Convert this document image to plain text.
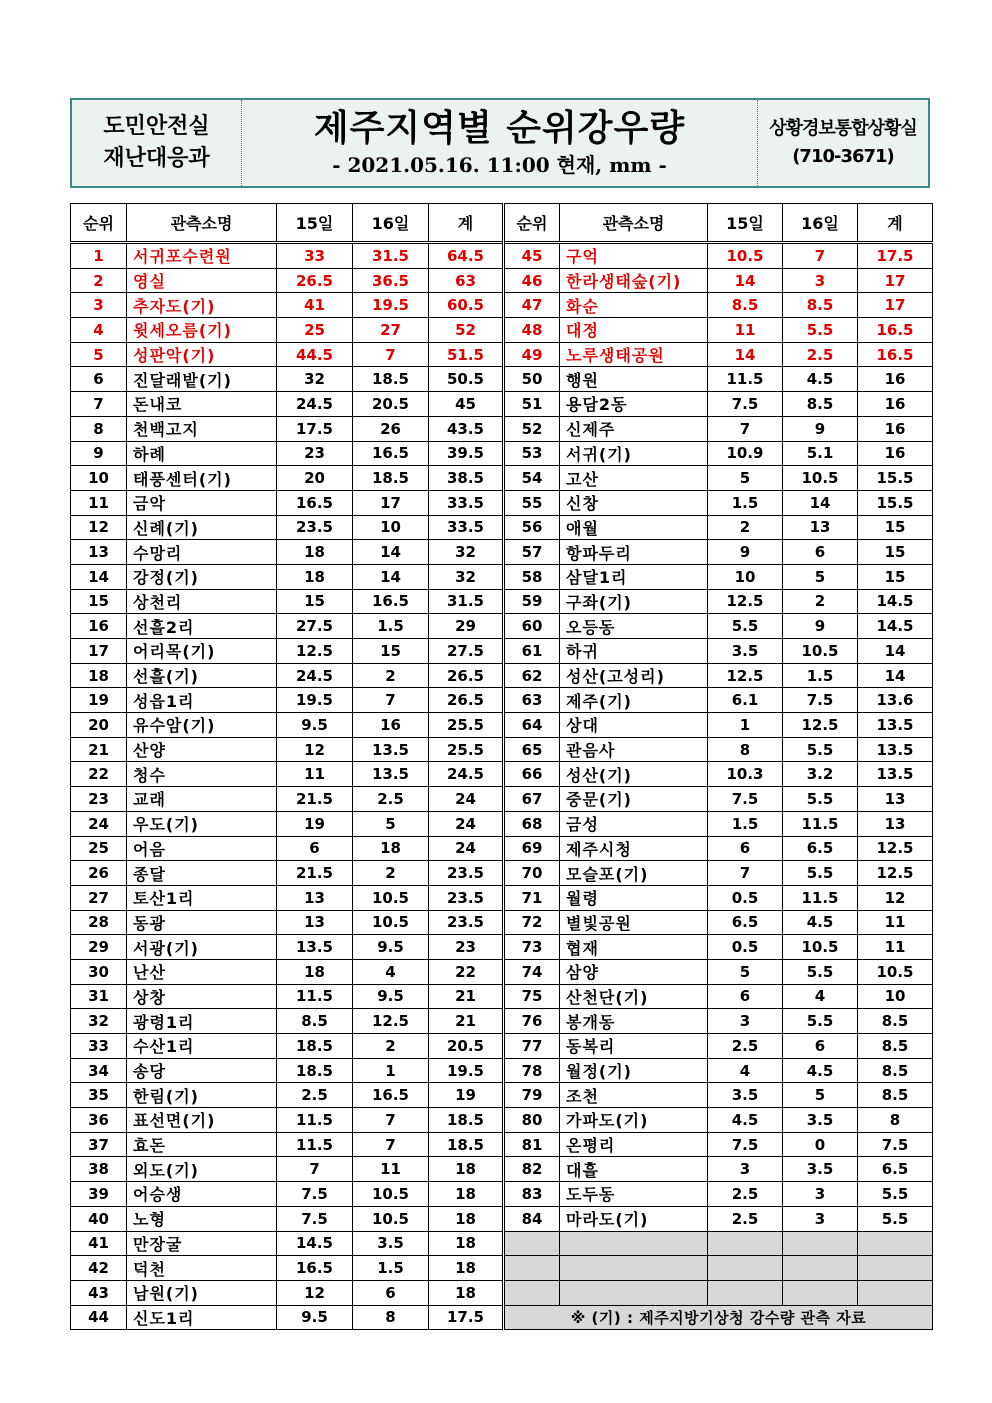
도민안전실
재난대응과
제주지역별 순위강우량
- 2021.05.16. 11:00 현재, mm -
상황경보통합상황실
(710-3671)
순위	관측소명	15일	16일	계	순위	관측소명	15일	16일	계
1	서귀포수련원	33	31.5	64.5	45	구억	10.5	7	17.5
2	영실	26.5	36.5	63	46	한라생태숲(기)	14	3	17
3	추자도(기)	41	19.5	60.5	47	화순	8.5	8.5	17
4	윗세오름(기)	25	27	52	48	대정	11	5.5	16.5
5	성판악(기)	44.5	7	51.5	49	노루생태공원	14	2.5	16.5
6	진달래밭(기)	32	18.5	50.5	50	행원	11.5	4.5	16
7	돈내코	24.5	20.5	45	51	용담2동	7.5	8.5	16
8	천백고지	17.5	26	43.5	52	신제주	7	9	16
9	하례	23	16.5	39.5	53	서귀(기)	10.9	5.1	16
10	태풍센터(기)	20	18.5	38.5	54	고산	5	10.5	15.5
11	금악	16.5	17	33.5	55	신창	1.5	14	15.5
12	신례(기)	23.5	10	33.5	56	애월	2	13	15
13	수망리	18	14	32	57	항파두리	9	6	15
14	강정(기)	18	14	32	58	삼달1리	10	5	15
15	상천리	15	16.5	31.5	59	구좌(기)	12.5	2	14.5
16	선흘2리	27.5	1.5	29	60	오등동	5.5	9	14.5
17	어리목(기)	12.5	15	27.5	61	하귀	3.5	10.5	14
18	선흘(기)	24.5	2	26.5	62	성산(고성리)	12.5	1.5	14
19	성읍1리	19.5	7	26.5	63	제주(기)	6.1	7.5	13.6
20	유수암(기)	9.5	16	25.5	64	상대	1	12.5	13.5
21	산양	12	13.5	25.5	65	관음사	8	5.5	13.5
22	청수	11	13.5	24.5	66	성산(기)	10.3	3.2	13.5
23	교래	21.5	2.5	24	67	중문(기)	7.5	5.5	13
24	우도(기)	19	5	24	68	금성	1.5	11.5	13
25	어음	6	18	24	69	제주시청	6	6.5	12.5
26	종달	21.5	2	23.5	70	모슬포(기)	7	5.5	12.5
27	토산1리	13	10.5	23.5	71	월령	0.5	11.5	12
28	동광	13	10.5	23.5	72	별빛공원	6.5	4.5	11
29	서광(기)	13.5	9.5	23	73	협재	0.5	10.5	11
30	난산	18	4	22	74	삼양	5	5.5	10.5
31	상창	11.5	9.5	21	75	산천단(기)	6	4	10
32	광령1리	8.5	12.5	21	76	봉개동	3	5.5	8.5
33	수산1리	18.5	2	20.5	77	동복리	2.5	6	8.5
34	송당	18.5	1	19.5	78	월정(기)	4	4.5	8.5
35	한림(기)	2.5	16.5	19	79	조천	3.5	5	8.5
36	표선면(기)	11.5	7	18.5	80	가파도(기)	4.5	3.5	8
37	효돈	11.5	7	18.5	81	온평리	7.5	0	7.5
38	외도(기)	7	11	18	82	대흘	3	3.5	6.5
39	어승생	7.5	10.5	18	83	도두동	2.5	3	5.5
40	노형	7.5	10.5	18	84	마라도(기)	2.5	3	5.5
41	만장굴	14.5	3.5	18					
42	덕천	16.5	1.5	18					
43	남원(기)	12	6	18					
44	신도1리	9.5	8	17.5	※ (기) : 제주지방기상청 강수량 관측 자료				
